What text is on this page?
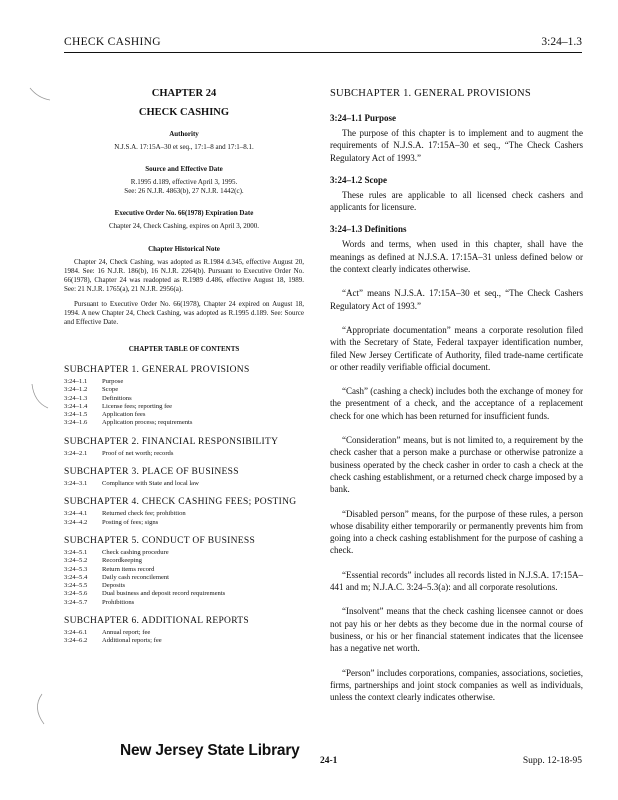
CHECK CASHING	3:24–1.3
CHAPTER 24
CHECK CASHING
Authority
N.J.S.A. 17:15A–30 et seq., 17:1–8 and 17:1–8.1.
Source and Effective Date
R.1995 d.189, effective April 3, 1995.
See: 26 N.J.R. 4863(b), 27 N.J.R. 1442(c).
Executive Order No. 66(1978) Expiration Date
Chapter 24, Check Cashing, expires on April 3, 2000.
Chapter Historical Note
Chapter 24, Check Cashing, was adopted as R.1984 d.345, effective August 20, 1984. See: 16 N.J.R. 186(b), 16 N.J.R. 2264(b). Pursuant to Executive Order No. 66(1978), Chapter 24 was readopted as R.1989 d.486, effective August 18, 1989. See: 21 N.J.R. 1765(a), 21 N.J.R. 2956(a).
Pursuant to Executive Order No. 66(1978), Chapter 24 expired on August 18, 1994. A new Chapter 24, Check Cashing, was adopted as R.1995 d.189. See: Source and Effective Date.
CHAPTER TABLE OF CONTENTS
SUBCHAPTER 1. GENERAL PROVISIONS
3:24–1.1	Purpose
3:24–1.2	Scope
3:24–1.3	Definitions
3:24–1.4	License fees; reporting fee
3:24–1.5	Application fees
3:24–1.6	Application process; requirements
SUBCHAPTER 2. FINANCIAL RESPONSIBILITY
3:24–2.1	Proof of net worth; records
SUBCHAPTER 3. PLACE OF BUSINESS
3:24–3.1	Compliance with State and local law
SUBCHAPTER 4. CHECK CASHING FEES; POSTING
3:24–4.1	Returned check fee; prohibition
3:24–4.2	Posting of fees; signs
SUBCHAPTER 5. CONDUCT OF BUSINESS
3:24–5.1	Check cashing procedure
3:24–5.2	Recordkeeping
3:24–5.3	Return items record
3:24–5.4	Daily cash reconcilement
3:24–5.5	Deposits
3:24–5.6	Dual business and deposit record requirements
3:24–5.7	Prohibitions
SUBCHAPTER 6. ADDITIONAL REPORTS
3:24–6.1	Annual report; fee
3:24–6.2	Additional reports; fee
SUBCHAPTER 1. GENERAL PROVISIONS
3:24–1.1 Purpose
The purpose of this chapter is to implement and to augment the requirements of N.J.S.A. 17:15A–30 et seq., “The Check Cashers Regulatory Act of 1993.”
3:24–1.2 Scope
These rules are applicable to all licensed check cashers and applicants for licensure.
3:24–1.3 Definitions
Words and terms, when used in this chapter, shall have the meanings as defined at N.J.S.A. 17:15A–31 unless defined below or the context clearly indicates otherwise.
“Act” means N.J.S.A. 17:15A–30 et seq., “The Check Cashers Regulatory Act of 1993.”
“Appropriate documentation” means a corporate resolution filed with the Secretary of State, Federal taxpayer identification number, filed New Jersey Certificate of Authority, filed trade-name certificate or other readily verifiable official document.
“Cash” (cashing a check) includes both the exchange of money for the presentment of a check, and the acceptance of a replacement check for one which has been returned for insufficient funds.
“Consideration” means, but is not limited to, a requirement by the check casher that a person make a purchase or otherwise patronize a business operated by the check casher in order to cash a check at the check cashing establishment, or a returned check charge imposed by a bank.
“Disabled person” means, for the purpose of these rules, a person whose disability either temporarily or permanently prevents him from going into a check cashing establishment for the purpose of cashing a check.
“Essential records” includes all records listed in N.J.S.A. 17:15A–441 and m; N.J.A.C. 3:24–5.3(a): and all corporate resolutions.
“Insolvent” means that the check cashing licensee cannot or does not pay his or her debts as they become due in the normal course of business, or his or her financial statement indicates that the licensee has a negative net worth.
“Person” includes corporations, companies, associations, societies, firms, partnerships and joint stock companies as well as individuals, unless the context clearly indicates otherwise.
New Jersey State Library
24-1	Supp. 12-18-95
